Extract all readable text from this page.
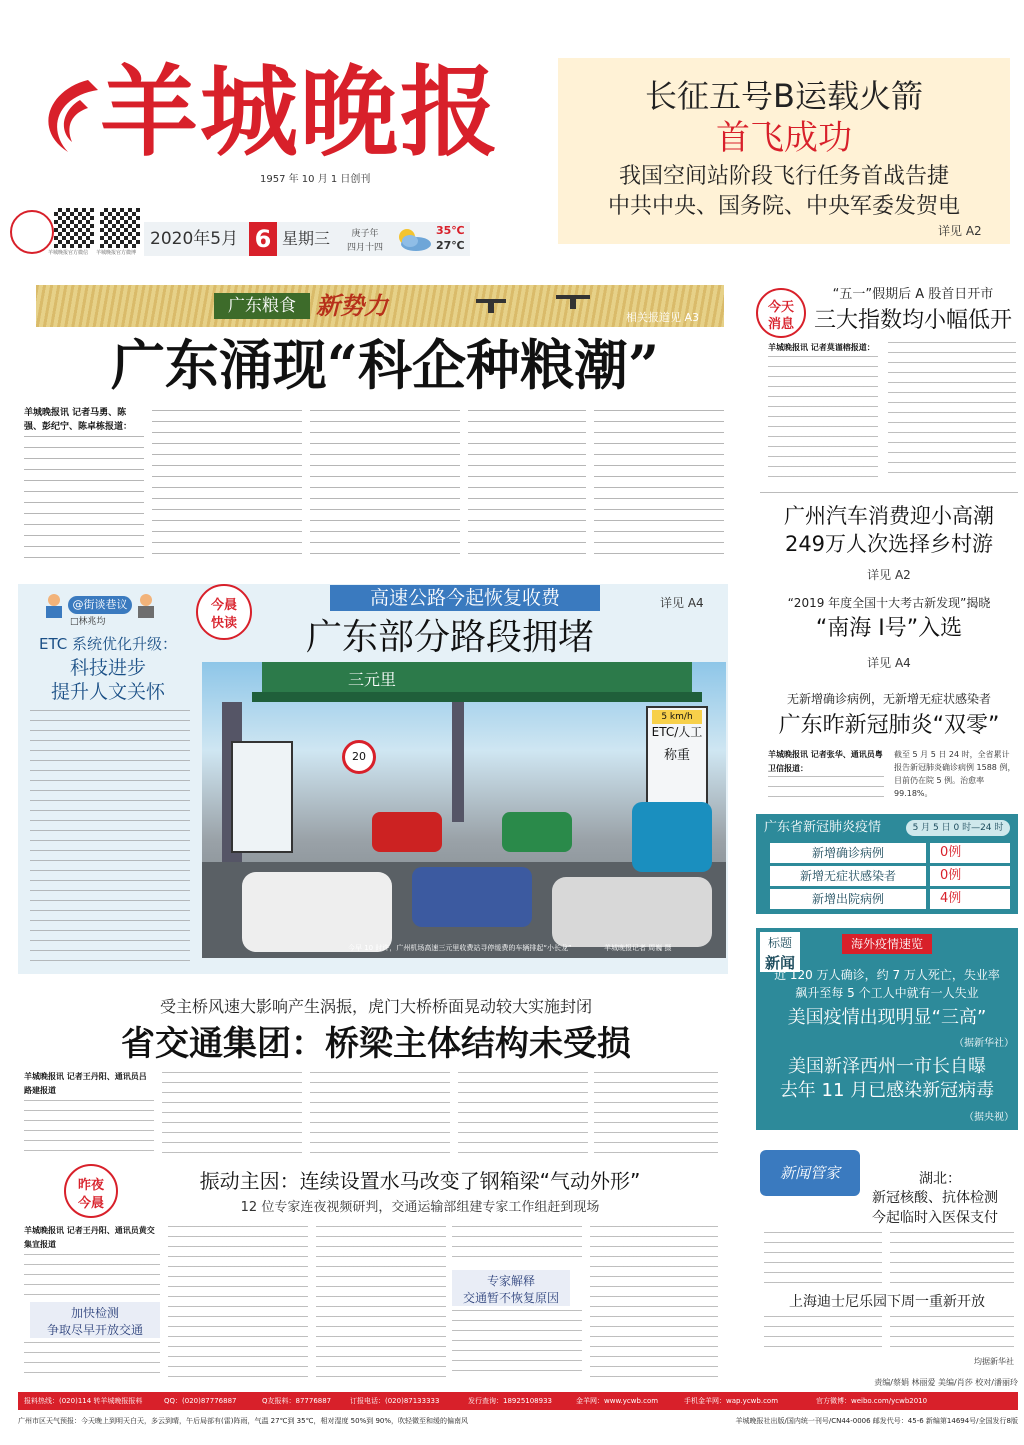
羊城晚报
1957 年 10 月 1 日创刊
羊城晚报官方微信	羊城晚报官方微博
2020年5月 6 星期三	庚子年
四月十四
35℃
27℃
长征五号B运载火箭
首飞成功
我国空间站阶段飞行任务首战告捷
中共中央、国务院、中央军委发贺电
详见 A2
广东粮食 新势力	相关报道见 A3
广东涌现“科企种粮潮”
羊城晚报讯 记者马勇、陈强、彭纪宁、陈卓栋报道：
今天
消息
“五一”假期后 A 股首日开市
三大指数均小幅低开
羊城晚报讯 记者莫谨榕报道：
广州汽车消费迎小高潮
249万人次选择乡村游
详见 A2
“2019 年度全国十大考古新发现”揭晓
“南海 I号”入选
详见 A4
无新增确诊病例，无新增无症状感染者
广东昨新冠肺炎“双零”
羊城晚报讯 记者张华、通讯员粤卫信报道：
截至 5 月 5 日 24 时，全省累计报告新冠肺炎确诊病例 1588 例，目前仍在院 5 例。治愈率 99.18%。
广东省新冠肺炎疫情	5 月 5 日 0 时—24 时
新增确诊病例	0例
新增无症状感染者	0例
新增出院病例	4例
标题
新闻
海外疫情速览
近 120 万人确诊，约 7 万人死亡，失业率
飙升至每 5 个工人中就有一人失业
美国疫情出现明显“三高”
（据新华社）
美国新泽西州一市长自曝
去年 11 月已感染新冠病毒
（据央视）
@街谈巷议
□林兆均
ETC 系统优化升级：
科技进步
提升人文关怀
今晨
快读
高速公路今起恢复收费	详见 A4
广东部分路段拥堵
三元里
ETC/人工
称重
5 km/h
20
今早 10 时许，广州机场高速三元里收费站寻停缓费的车辆排起“小长龙”	羊城晚报记者 周巍 摄
受主桥风速大影响产生涡振，虎门大桥桥面晃动较大实施封闭
省交通集团：桥梁主体结构未受损
羊城晚报讯 记者王丹阳、通讯员吕路建报道
昨夜
今晨
振动主因：连续设置水马改变了钢箱梁“气动外形”
12 位专家连夜视频研判，交通运输部组建专家工作组赶到现场
羊城晚报讯 记者王丹阳、通讯员黄交集宣报道
加快检测
争取尽早开放交通
专家解释
交通暂不恢复原因
新闻管家	湖北：
新冠核酸、抗体检测
今起临时入医保支付
上海迪士尼乐园下周一重新开放
均据新华社
责编/蔡娟 林丽爱 美编/肖莎 校对/潘丽玲
报料热线：(020)114 转羊城晚报报料	QQ：(020)87776887	Q友报料：87776887	订报电话：(020)87133333	发行查询：18925108933	金羊网：www.ycwb.com	手机金羊网：wap.ycwb.com	官方微博：weibo.com/ycwb2010
广州市区天气预报：今天晚上到明天白天，多云到晴，午后局部有(雷)阵雨，气温 27℃到 35℃，相对湿度 50%到 90%，吹轻微至和缓的偏南风	羊城晚报社出版/国内统一刊号/CN44-0006 邮发代号：45-6 新编第14694号/全国发行8版
